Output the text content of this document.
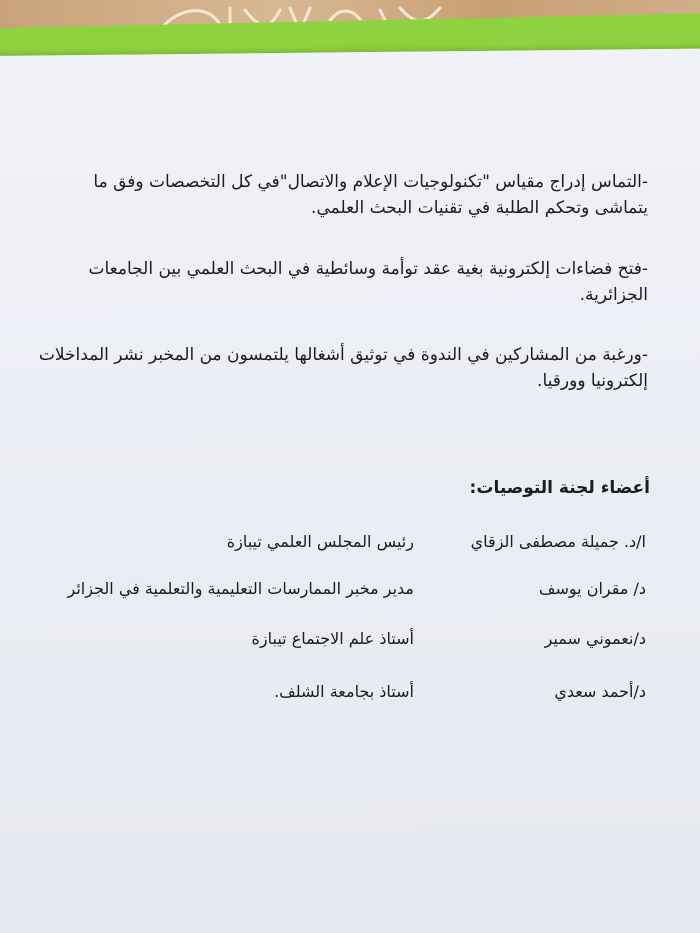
-التماس إدراج مقياس "تكنولوجيات الإعلام والاتصال"في كل التخصصات وفق ما
يتماشى وتحكم الطلبة في تقنيات البحث العلمي.
-فتح فضاءات إلكترونية بغية عقد توأمة وسائطية في البحث العلمي بين الجامعات
الجزائرية.
-ورغبة من المشاركين في الندوة في توثيق أشغالها يلتمسون من المخبر نشر المداخلات
إلكترونيا وورقيا.
أعضاء لجنة التوصيات:
ا/د. جميلة مصطفى الزقاي
رئيس المجلس العلمي تيبازة
د/ مقران يوسف
مدير مخبر الممارسات التعليمية والتعلمية في الجزائر
د/نعموني سمير
أستاذ علم الاجتماع تيبازة
د/أحمد سعدي
أستاذ بجامعة الشلف.
